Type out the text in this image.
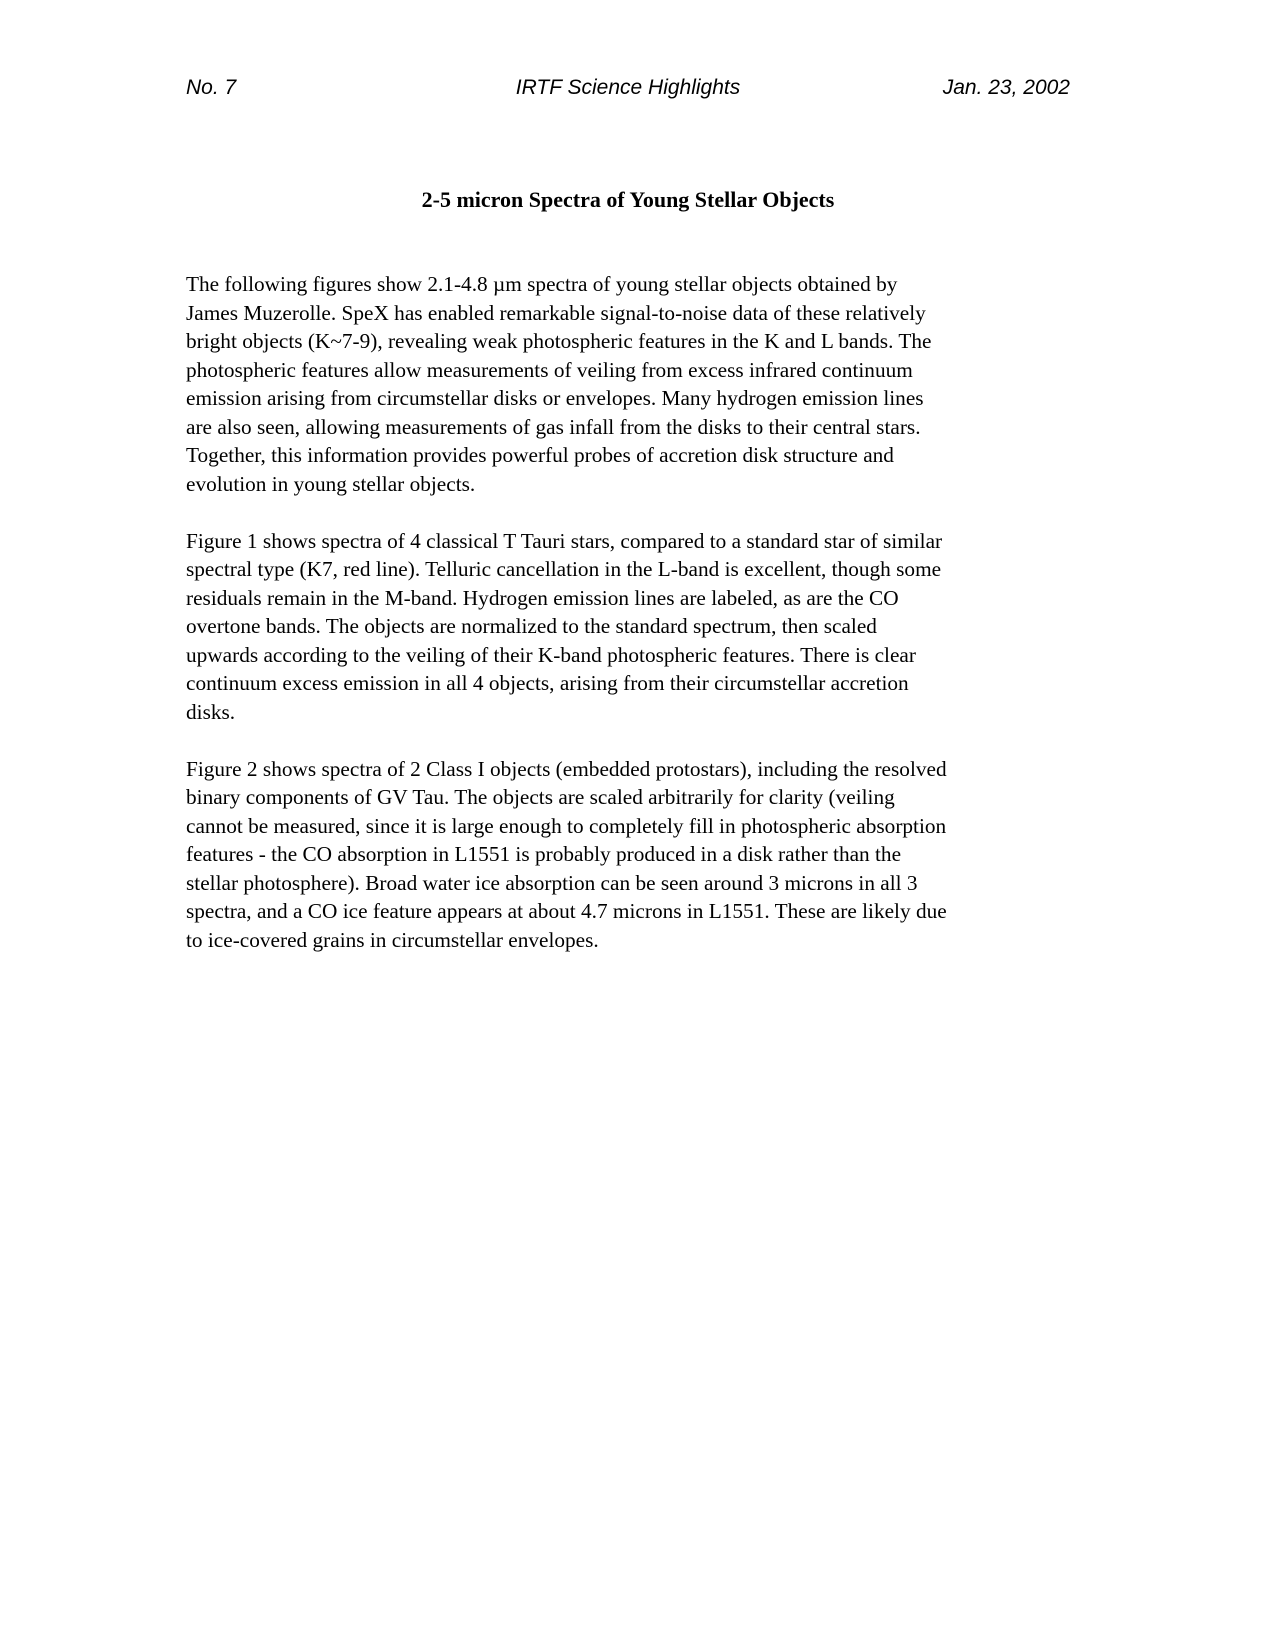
No. 7	IRTF Science Highlights	Jan. 23, 2002
2-5 micron Spectra of Young Stellar Objects

The following figures show 2.1-4.8 µm spectra of young stellar objects obtained by
James Muzerolle. SpeX has enabled remarkable signal-to-noise data of these relatively
bright objects (K~7-9), revealing weak photospheric features in the K and L bands. The
photospheric features allow measurements of veiling from excess infrared continuum
emission arising from circumstellar disks or envelopes. Many hydrogen emission lines
are also seen, allowing measurements of gas infall from the disks to their central stars.
Together, this information provides powerful probes of accretion disk structure and
evolution in young stellar objects.

Figure 1 shows spectra of 4 classical T Tauri stars, compared to a standard star of similar
spectral type (K7, red line). Telluric cancellation in the L-band is excellent, though some
residuals remain in the M-band. Hydrogen emission lines are labeled, as are the CO
overtone bands. The objects are normalized to the standard spectrum, then scaled
upwards according to the veiling of their K-band photospheric features. There is clear
continuum excess emission in all 4 objects, arising from their circumstellar accretion
disks.

Figure 2 shows spectra of 2 Class I objects (embedded protostars), including the resolved
binary components of GV Tau. The objects are scaled arbitrarily for clarity (veiling
cannot be measured, since it is large enough to completely fill in photospheric absorption
features - the CO absorption in L1551 is probably produced in a disk rather than the
stellar photosphere). Broad water ice absorption can be seen around 3 microns in all 3
spectra, and a CO ice feature appears at about 4.7 microns in L1551. These are likely due
to ice-covered grains in circumstellar envelopes.
